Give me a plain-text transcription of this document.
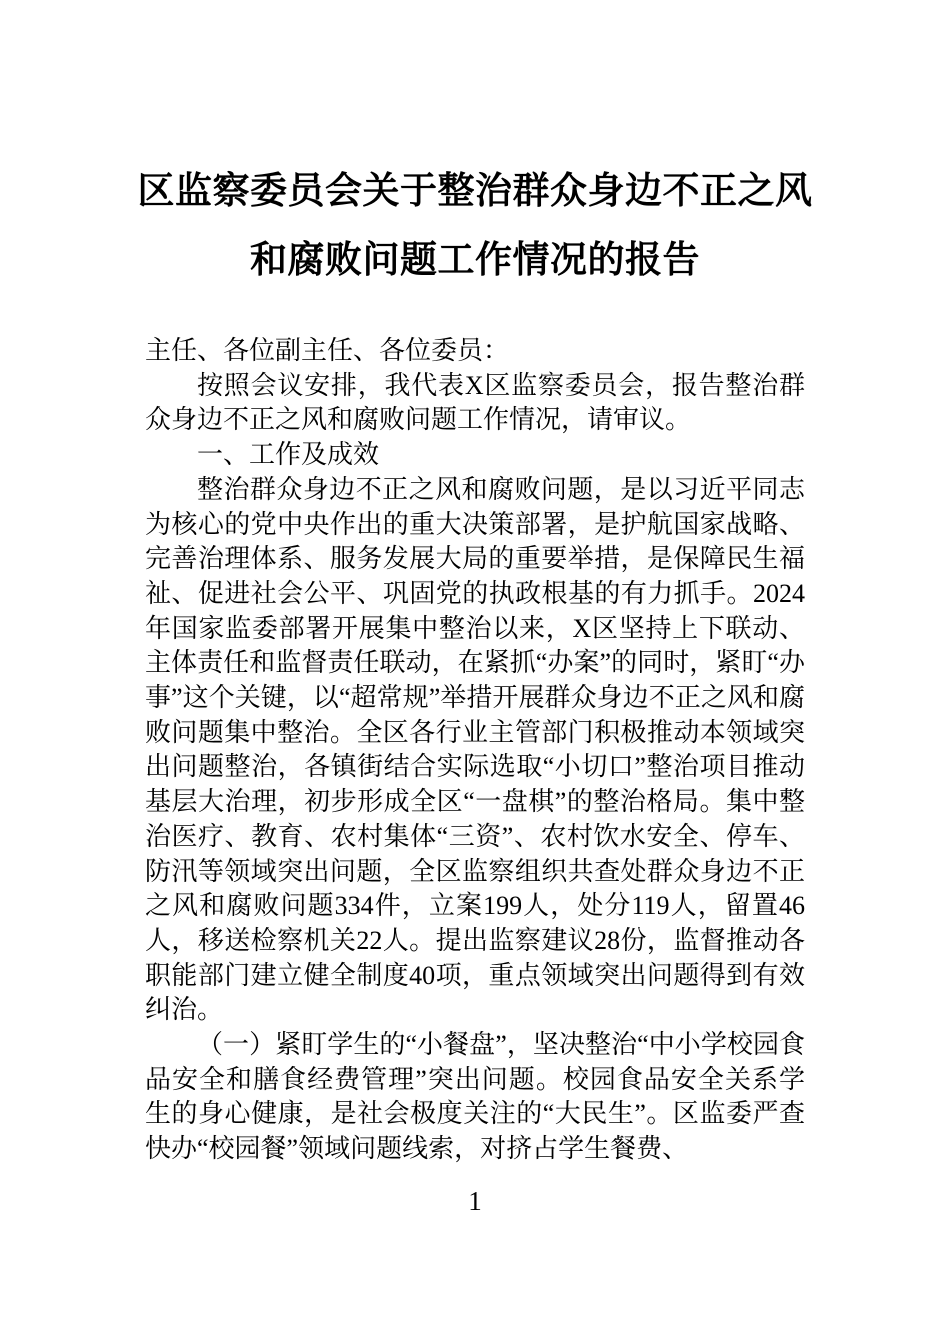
区监察委员会关于整治群众身边不正之风
和腐败问题工作情况的报告

主任、各位副主任、各位委员：

按照会议安排，我代表X区监察委员会，报告整治群众身边不正之风和腐败问题工作情况，请审议。

一、工作及成效

整治群众身边不正之风和腐败问题，是以习近平同志为核心的党中央作出的重大决策部署，是护航国家战略、完善治理体系、服务发展大局的重要举措，是保障民生福祉、促进社会公平、巩固党的执政根基的有力抓手。2024年国家监委部署开展集中整治以来，X区坚持上下联动、主体责任和监督责任联动，在紧抓“办案”的同时，紧盯“办事”这个关键，以“超常规”举措开展群众身边不正之风和腐败问题集中整治。全区各行业主管部门积极推动本领域突出问题整治，各镇街结合实际选取“小切口”整治项目推动基层大治理，初步形成全区“一盘棋”的整治格局。集中整治医疗、教育、农村集体“三资”、农村饮水安全、停车、防汛等领域突出问题，全区监察组织共查处群众身边不正之风和腐败问题334件，立案199人，处分119人，留置46人，移送检察机关22人。提出监察建议28份，监督推动各职能部门建立健全制度40项，重点领域突出问题得到有效纠治。

（一）紧盯学生的“小餐盘”，坚决整治“中小学校园食品安全和膳食经费管理”突出问题。校园食品安全关系学生的身心健康，是社会极度关注的“大民生”。区监委严查快办“校园餐”领域问题线索，对挤占学生餐费、

1
